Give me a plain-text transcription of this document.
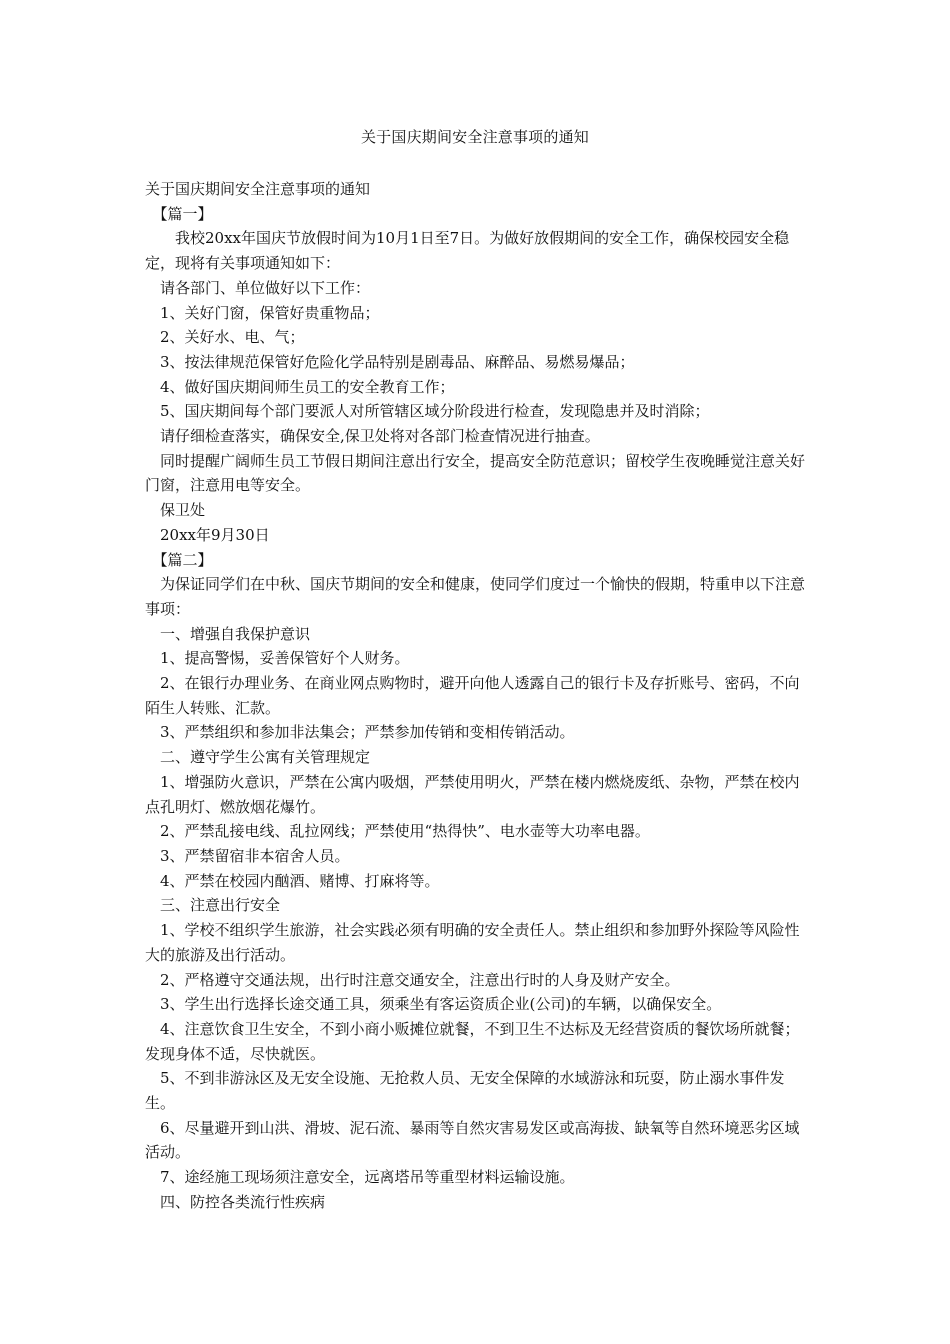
关于国庆期间安全注意事项的通知

关于国庆期间安全注意事项的通知

　【篇一】

　　我校20xx年国庆节放假时间为10月1日至7日。为做好放假期间的安全工作，确保校园安全稳定，现将有关事项通知如下：

　请各部门、单位做好以下工作：

　1、关好门窗，保管好贵重物品；

　2、关好水、电、气；

　3、按法律规范保管好危险化学品特别是剧毒品、麻醉品、易燃易爆品；

　4、做好国庆期间师生员工的安全教育工作；

　5、国庆期间每个部门要派人对所管辖区域分阶段进行检查，发现隐患并及时消除；

　请仔细检查落实，确保安全,保卫处将对各部门检查情况进行抽查。

　同时提醒广阔师生员工节假日期间注意出行安全，提高安全防范意识；留校学生夜晚睡觉注意关好门窗，注意用电等安全。

　保卫处

　20xx年9月30日

　【篇二】

　为保证同学们在中秋、国庆节期间的安全和健康，使同学们度过一个愉快的假期，特重申以下注意事项：

　一、增强自我保护意识

　1、提高警惕，妥善保管好个人财务。

　2、在银行办理业务、在商业网点购物时，避开向他人透露自己的银行卡及存折账号、密码，不向陌生人转账、汇款。

　3、严禁组织和参加非法集会；严禁参加传销和变相传销活动。

　二、遵守学生公寓有关管理规定

　1、增强防火意识，严禁在公寓内吸烟，严禁使用明火，严禁在楼内燃烧废纸、杂物，严禁在校内点孔明灯、燃放烟花爆竹。

　2、严禁乱接电线、乱拉网线；严禁使用“热得快”、电水壶等大功率电器。

　3、严禁留宿非本宿舍人员。

　4、严禁在校园内酗酒、赌博、打麻将等。

　三、注意出行安全

　1、学校不组织学生旅游，社会实践必须有明确的安全责任人。禁止组织和参加野外探险等风险性大的旅游及出行活动。

　2、严格遵守交通法规，出行时注意交通安全，注意出行时的人身及财产安全。

　3、学生出行选择长途交通工具，须乘坐有客运资质企业(公司)的车辆，以确保安全。

　4、注意饮食卫生安全，不到小商小贩摊位就餐，不到卫生不达标及无经营资质的餐饮场所就餐；发现身体不适，尽快就医。

　5、不到非游泳区及无安全设施、无抢救人员、无安全保障的水域游泳和玩耍，防止溺水事件发生。

　6、尽量避开到山洪、滑坡、泥石流、暴雨等自然灾害易发区或高海拔、缺氧等自然环境恶劣区域活动。

　7、途经施工现场须注意安全，远离塔吊等重型材料运输设施。

　四、防控各类流行性疾病
